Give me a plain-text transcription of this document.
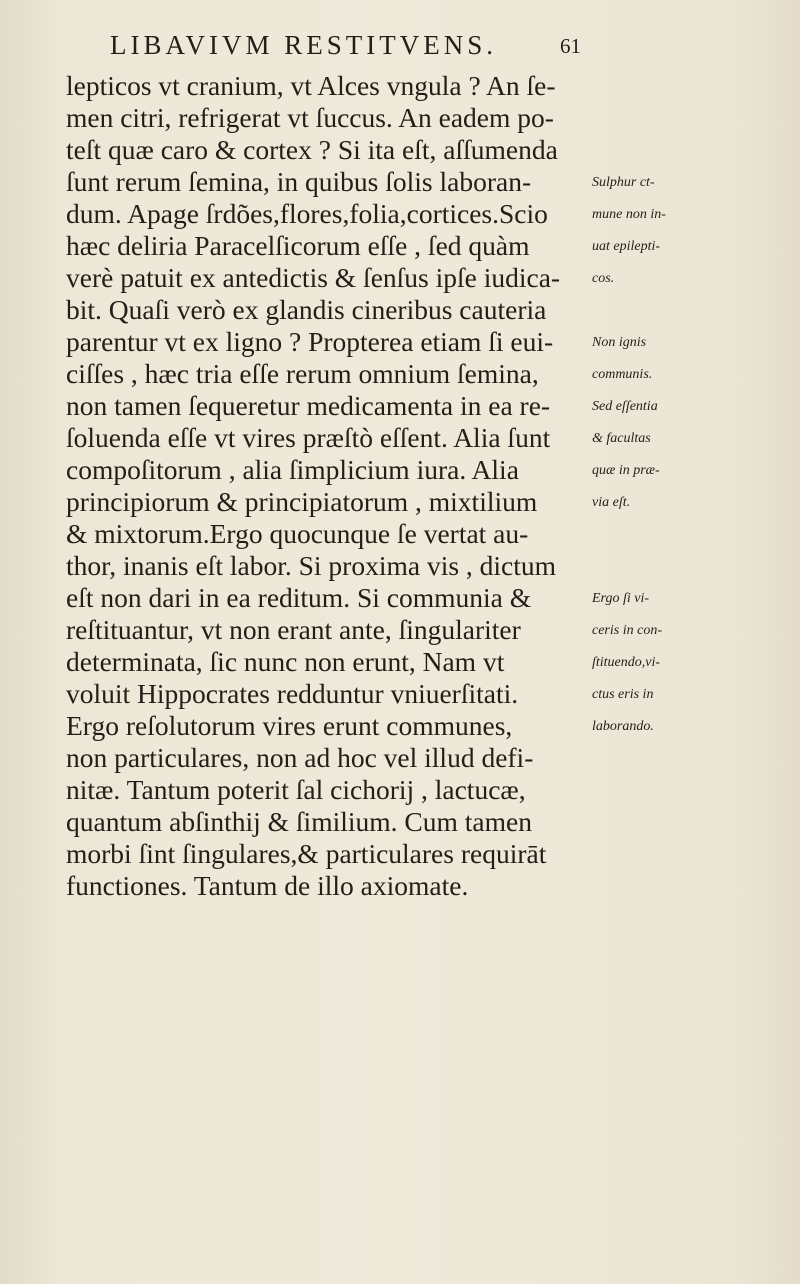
LIBAVIVM RESTITVENS.	61
lepticos vt cranium, vt Alces vngula ? An ſe-
men citri, refrigerat vt ſuccus. An eadem po-
teſt quæ caro & cortex ? Si ita eſt, aſſumenda
ſunt rerum ſemina, in quibus ſolis laboran-
dum. Apage ſrdões,flores,folia,cortices.Scio
hæc deliria Paracelſicorum eſſe , ſed quàm
verè patuit ex antedictis & ſenſus ipſe iudica-
bit. Quaſi verò ex glandis cineribus cauteria
parentur vt ex ligno ? Propterea etiam ſi eui-
ciſſes , hæc tria eſſe rerum omnium ſemina,
non tamen ſequeretur medicamenta in ea re-
ſoluenda eſſe vt vires præſtò eſſent. Alia ſunt
compoſitorum , alia ſimplicium iura. Alia
principiorum & principiatorum , mixtilium
& mixtorum.Ergo quocunque ſe vertat au-
thor, inanis eſt labor. Si proxima vis , dictum
eſt non dari in ea reditum. Si communia &
reſtituantur, vt non erant ante, ſingulariter
determinata, ſic nunc non erunt, Nam vt
voluit Hippocrates redduntur vniuerſitati.
Ergo reſolutorum vires erunt communes,
non particulares, non ad hoc vel illud defi-
nitæ. Tantum poterit ſal cichorij , lactucæ,
quantum abſinthij & ſimilium. Cum tamen
morbi ſint ſingulares,& particulares requirāt
functiones. Tantum de illo axiomate.
Sulphur ct-
mune non in-
uat epilepti-
cos.
Non ignis
communis.
Sed eſſentia
& facultas
quæ in præ-
via eſt.
Ergo ſi vi-
ceris in con-
ſtituendo,vi-
ctus eris in
laborando.
